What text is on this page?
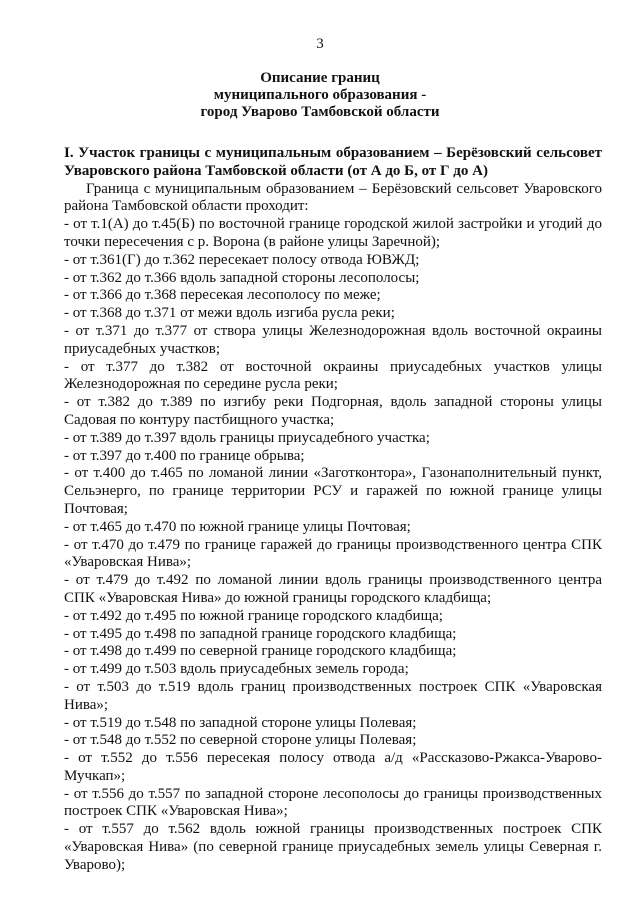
3
Описание границ
муниципального образования -
город Уварово Тамбовской области

I. Участок границы с муниципальным образованием – Берёзовский сельсовет Уваровского района Тамбовской области (от А до Б, от Г до А)

Граница с муниципальным образованием – Берёзовский сельсовет Уваровского района Тамбовской области проходит:

- от т.1(А) до т.45(Б) по восточной границе городской жилой застройки и угодий до точки пересечения с р. Ворона (в районе улицы Заречной);

- от т.361(Г) до т.362 пересекает полосу отвода ЮВЖД;

- от т.362 до т.366 вдоль западной стороны лесополосы;

- от т.366 до т.368 пересекая лесополосу по меже;

- от т.368 до т.371 от межи вдоль изгиба русла реки;

- от т.371 до т.377 от створа улицы Железнодорожная вдоль восточной окраины приусадебных участков;

- от т.377 до т.382 от восточной окраины приусадебных участков улицы Железнодорожная по середине русла реки;

- от т.382 до т.389 по изгибу реки Подгорная, вдоль западной стороны улицы Садовая по контуру пастбищного участка;

- от т.389 до т.397 вдоль границы приусадебного участка;

- от т.397 до т.400 по границе обрыва;

- от т.400 до т.465 по ломаной линии «Заготконтора», Газонаполнительный пункт, Сельэнерго, по границе территории РСУ и гаражей по южной границе улицы Почтовая;

- от т.465 до т.470 по южной границе улицы Почтовая;

- от т.470 до т.479 по границе гаражей до границы производственного центра СПК «Уваровская Нива»;

- от т.479 до т.492 по ломаной линии вдоль границы производственного центра СПК «Уваровская Нива» до южной границы городского кладбища;

- от т.492 до т.495 по южной границе городского кладбища;

- от т.495 до т.498 по западной границе городского кладбища;

- от т.498 до т.499 по северной границе городского кладбища;

- от т.499 до т.503 вдоль приусадебных земель города;

- от т.503 до т.519 вдоль границ производственных построек СПК «Уваровская Нива»;

- от т.519 до т.548 по западной стороне улицы Полевая;

- от т.548 до т.552 по северной стороне улицы Полевая;

- от т.552 до т.556 пересекая полосу отвода а/д «Рассказово-Ржакса-Уварово-Мучкап»;

- от т.556 до т.557 по западной стороне лесополосы до границы производственных построек СПК «Уваровская Нива»;

- от т.557 до т.562 вдоль южной границы производственных построек СПК «Уваровская Нива» (по северной границе приусадебных земель улицы Северная г. Уварово);
